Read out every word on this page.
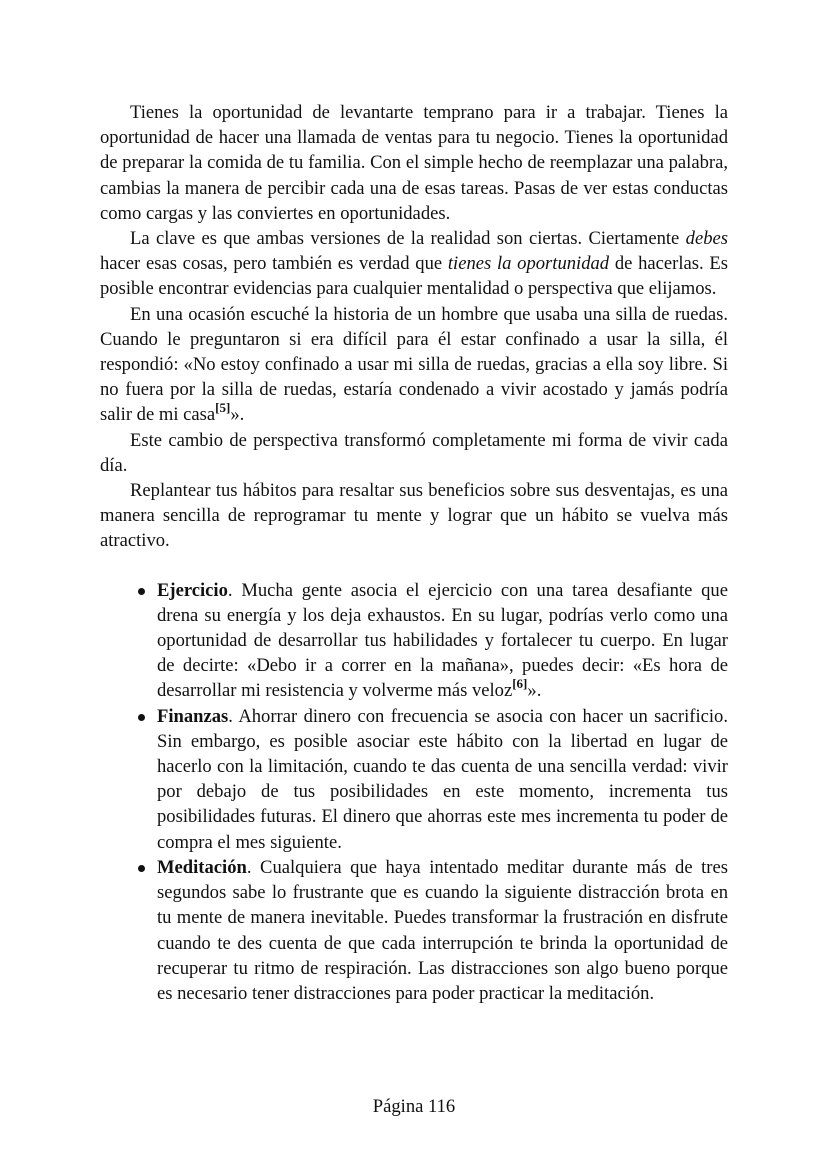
Tienes la oportunidad de levantarte temprano para ir a trabajar. Tienes la oportunidad de hacer una llamada de ventas para tu negocio. Tienes la oportunidad de preparar la comida de tu familia. Con el simple hecho de reemplazar una palabra, cambias la manera de percibir cada una de esas tareas. Pasas de ver estas conductas como cargas y las conviertes en oportunidades.

La clave es que ambas versiones de la realidad son ciertas. Ciertamente debes hacer esas cosas, pero también es verdad que tienes la oportunidad de hacerlas. Es posible encontrar evidencias para cualquier mentalidad o perspectiva que elijamos.

En una ocasión escuché la historia de un hombre que usaba una silla de ruedas. Cuando le preguntaron si era difícil para él estar confinado a usar la silla, él respondió: «No estoy confinado a usar mi silla de ruedas, gracias a ella soy libre. Si no fuera por la silla de ruedas, estaría condenado a vivir acostado y jamás podría salir de mi casa[5]».

Este cambio de perspectiva transformó completamente mi forma de vivir cada día.

Replantear tus hábitos para resaltar sus beneficios sobre sus desventajas, es una manera sencilla de reprogramar tu mente y lograr que un hábito se vuelva más atractivo.

Ejercicio. Mucha gente asocia el ejercicio con una tarea desafiante que drena su energía y los deja exhaustos. En su lugar, podrías verlo como una oportunidad de desarrollar tus habilidades y fortalecer tu cuerpo. En lugar de decirte: «Debo ir a correr en la mañana», puedes decir: «Es hora de desarrollar mi resistencia y volverme más veloz[6]».
Finanzas. Ahorrar dinero con frecuencia se asocia con hacer un sacrificio. Sin embargo, es posible asociar este hábito con la libertad en lugar de hacerlo con la limitación, cuando te das cuenta de una sencilla verdad: vivir por debajo de tus posibilidades en este momento, incrementa tus posibilidades futuras. El dinero que ahorras este mes incrementa tu poder de compra el mes siguiente.
Meditación. Cualquiera que haya intentado meditar durante más de tres segundos sabe lo frustrante que es cuando la siguiente distracción brota en tu mente de manera inevitable. Puedes transformar la frustración en disfrute cuando te des cuenta de que cada interrupción te brinda la oportunidad de recuperar tu ritmo de respiración. Las distracciones son algo bueno porque es necesario tener distracciones para poder practicar la meditación.
Página 116
